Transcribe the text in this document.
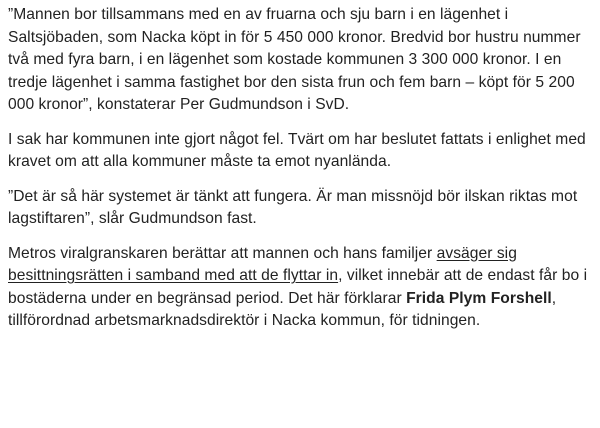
”Mannen bor tillsammans med en av fruarna och sju barn i en lägenhet i Saltsjöbaden, som Nacka köpt in för 5 450 000 kronor. Bredvid bor hustru nummer två med fyra barn, i en lägenhet som kostade kommunen 3 300 000 kronor. I en tredje lägenhet i samma fastighet bor den sista frun och fem barn – köpt för 5 200 000 kronor”, konstaterar Per Gudmundson i SvD.

I sak har kommunen inte gjort något fel. Tvärt om har beslutet fattats i enlighet med kravet om att alla kommuner måste ta emot nyanlända.

”Det är så här systemet är tänkt att fungera. Är man missnöjd bör ilskan riktas mot lagstiftaren”, slår Gudmundson fast.

Metros viralgranskaren berättar att mannen och hans familjer avsäger sig besittningsrätten i samband med att de flyttar in, vilket innebär att de endast får bo i bostäderna under en begränsad period. Det här förklarar Frida Plym Forshell, tillförordnad arbetsmarknadsdirektör i Nacka kommun, för tidningen.
